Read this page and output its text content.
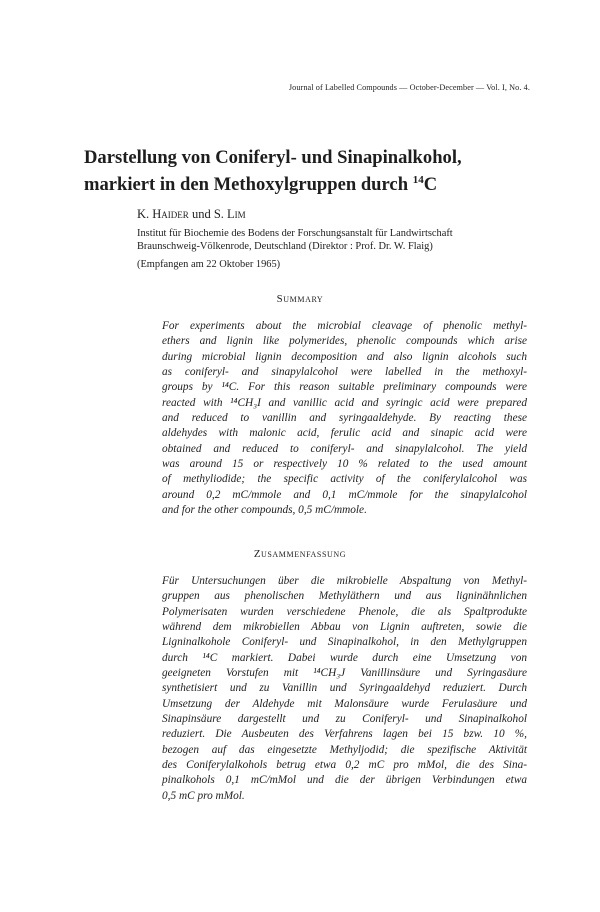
Journal of Labelled Compounds — October-December — Vol. I, No. 4.
Darstellung von Coniferyl- und Sinapinalkohol,
markiert in den Methoxylgruppen durch $^{14}$C
K. Haider und S. Lim
Institut für Biochemie des Bodens der Forschungsanstalt für Landwirtschaft
Braunschweig-Völkenrode, Deutschland (Direktor : Prof. Dr. W. Flaig)
(Empfangen am 22 Oktober 1965)
Summary
For experiments about the microbial cleavage of phenolic methyl-
ethers and lignin like polymerides, phenolic compounds which arise
during microbial lignin decomposition and also lignin alcohols such
as coniferyl- and sinapylalcohol were labelled in the methoxyl-
groups by ¹⁴C. For this reason suitable preliminary compounds were
reacted with ¹⁴CH₃I and vanillic acid and syringic acid were prepared
and reduced to vanillin and syringaaldehyde. By reacting these
aldehydes with malonic acid, ferulic acid and sinapic acid were
obtained and reduced to coniferyl- and sinapylalcohol. The yield
was around 15 or respectively 10 % related to the used amount
of methyliodide; the specific activity of the coniferylalcohol was
around 0,2 mC/mmole and 0,1 mC/mmole for the sinapylalcohol
and for the other compounds, 0,5 mC/mmole.
Zusammenfassung
Für Untersuchungen über die mikrobielle Abspaltung von Methyl-
gruppen aus phenolischen Methyläthern und aus ligninähnlichen
Polymerisaten wurden verschiedene Phenole, die als Spaltprodukte
während dem mikrobiellen Abbau von Lignin auftreten, sowie die
Ligninalkohole Coniferyl- und Sinapinalkohol, in den Methylgruppen
durch ¹⁴C markiert. Dabei wurde durch eine Umsetzung von
geeigneten Vorstufen mit ¹⁴CH₃J Vanillinsäure und Syringasäure
synthetisiert und zu Vanillin und Syringaaldehyd reduziert. Durch
Umsetzung der Aldehyde mit Malonsäure wurde Ferulasäure und
Sinapinsäure dargestellt und zu Coniferyl- und Sinapinalkohol
reduziert. Die Ausbeuten des Verfahrens lagen bei 15 bzw. 10 %,
bezogen auf das eingesetzte Methyljodid; die spezifische Aktivität
des Coniferylalkohols betrug etwa 0,2 mC pro mMol, die des Sina-
pinalkohols 0,1 mC/mMol und die der übrigen Verbindungen etwa
0,5 mC pro mMol.
